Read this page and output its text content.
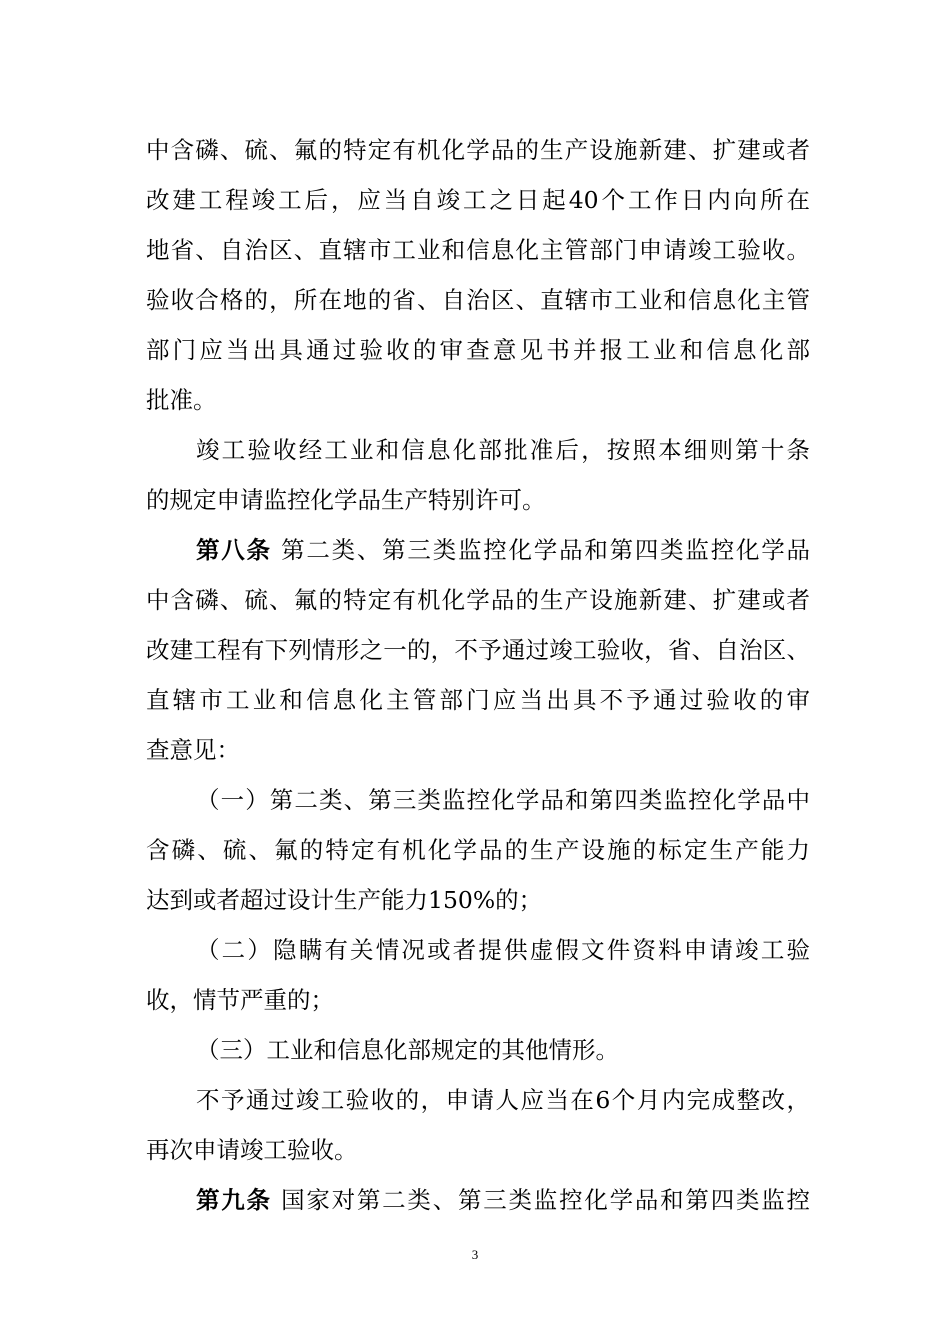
中含磷、硫、氟的特定有机化学品的生产设施新建、扩建或者
改建工程竣工后，应当自竣工之日起40个工作日内向所在
地省、自治区、直辖市工业和信息化主管部门申请竣工验收。
验收合格的，所在地的省、自治区、直辖市工业和信息化主管
部门应当出具通过验收的审查意见书并报工业和信息化部
批准。
竣工验收经工业和信息化部批准后，按照本细则第十条
的规定申请监控化学品生产特别许可。
第八条 第二类、第三类监控化学品和第四类监控化学品
中含磷、硫、氟的特定有机化学品的生产设施新建、扩建或者
改建工程有下列情形之一的，不予通过竣工验收，省、自治区、
直辖市工业和信息化主管部门应当出具不予通过验收的审
查意见：
（一）第二类、第三类监控化学品和第四类监控化学品中
含磷、硫、氟的特定有机化学品的生产设施的标定生产能力
达到或者超过设计生产能力150%的；
（二）隐瞒有关情况或者提供虚假文件资料申请竣工验
收，情节严重的；
（三）工业和信息化部规定的其他情形。
不予通过竣工验收的，申请人应当在6个月内完成整改，
再次申请竣工验收。
第九条 国家对第二类、第三类监控化学品和第四类监控
3
